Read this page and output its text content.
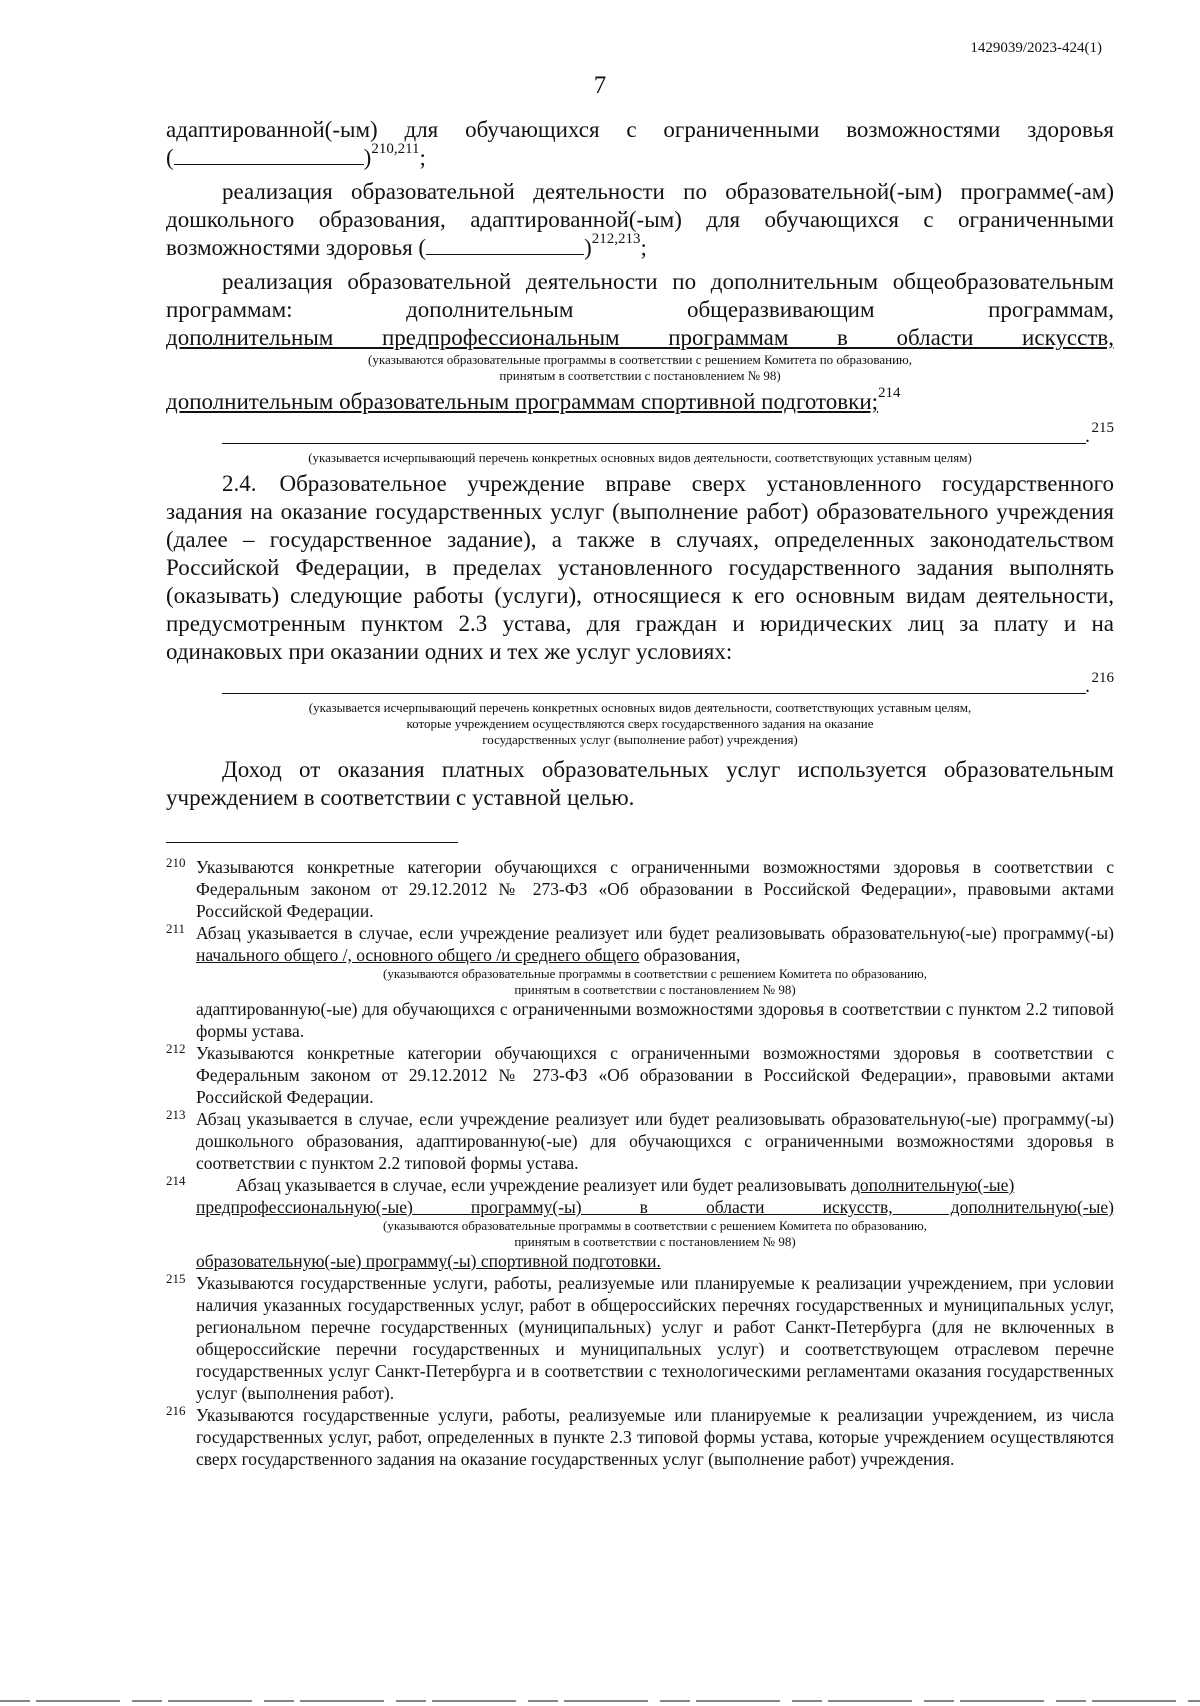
1429039/2023-424(1)
7

адаптированной(-ым) для обучающихся с ограниченными возможностями здоровья

(	)$^{210,211}$;

реализация образовательной деятельности по образовательной(-ым) программе(-ам) дошкольного образования, адаптированной(-ым) для обучающихся с ограниченными возможностями здоровья (	)$^{212,213}$;

реализация образовательной деятельности по дополнительным общеобразовательным программам: дополнительным общеразвивающим программам,

дополнительным предпрофессиональным программам в области искусств,

(указываются образовательные программы в соответствии с решением Комитета по образованию,

принятым в соответствии с постановлением № 98)

дополнительным образовательным программам спортивной подготовки;$^{214}$

. 215

(указывается исчерпывающий перечень конкретных основных видов деятельности, соответствующих уставным целям)

2.4. Образовательное учреждение вправе сверх установленного государственного задания на оказание государственных услуг (выполнение работ) образовательного учреждения (далее – государственное задание), а также в случаях, определенных законодательством Российской Федерации, в пределах установленного государственного задания выполнять (оказывать) следующие работы (услуги), относящиеся к его основным видам деятельности, предусмотренным пунктом 2.3 устава, для граждан и юридических лиц за плату и на одинаковых при оказании одних и тех же услуг условиях:

. 216

(указывается исчерпывающий перечень конкретных основных видов деятельности, соответствующих уставным целям,

которые учреждением осуществляются сверх государственного задания на оказание

государственных услуг (выполнение работ) учреждения)

Доход от оказания платных образовательных услуг используется образовательным учреждением в соответствии с уставной целью.

210 Указываются конкретные категории обучающихся с ограниченными возможностями здоровья в соответствии с Федеральным законом от 29.12.2012 № 273-ФЗ «Об образовании в Российской Федерации», правовыми актами Российской Федерации.

211 Абзац указывается в случае, если учреждение реализует или будет реализовывать образовательную(-ые) программу(-ы) начального общего /, основного общего /и среднего общего образования,

(указываются образовательные программы в соответствии с решением Комитета по образованию,

принятым в соответствии с постановлением № 98)

адаптированную(-ые) для обучающихся с ограниченными возможностями здоровья в соответствии с пунктом 2.2 типовой формы устава.

212 Указываются конкретные категории обучающихся с ограниченными возможностями здоровья в соответствии с Федеральным законом от 29.12.2012 № 273-ФЗ «Об образовании в Российской Федерации», правовыми актами Российской Федерации.

213 Абзац указывается в случае, если учреждение реализует или будет реализовывать образовательную(-ые) программу(-ы) дошкольного образования, адаптированную(-ые) для обучающихся с ограниченными возможностями здоровья в соответствии с пунктом 2.2 типовой формы устава.

214	Абзац указывается в случае, если учреждение реализует или будет реализовывать дополнительную(-ые)

предпрофессиональную(-ые) программу(-ы) в области искусств, дополнительную(-ые)

(указываются образовательные программы в соответствии с решением Комитета по образованию,

принятым в соответствии с постановлением № 98)

образовательную(-ые) программу(-ы) спортивной подготовки.

215 Указываются государственные услуги, работы, реализуемые или планируемые к реализации учреждением, при условии наличия указанных государственных услуг, работ в общероссийских перечнях государственных и муниципальных услуг, региональном перечне государственных (муниципальных) услуг и работ Санкт-Петербурга (для не включенных в общероссийские перечни государственных и муниципальных услуг) и соответствующем отраслевом перечне государственных услуг Санкт-Петербурга и в соответствии с технологическими регламентами оказания государственных услуг (выполнения работ).

216 Указываются государственные услуги, работы, реализуемые или планируемые к реализации учреждением, из числа государственных услуг, работ, определенных в пункте 2.3 типовой формы устава, которые учреждением осуществляются сверх государственного задания на оказание государственных услуг (выполнение работ) учреждения.
